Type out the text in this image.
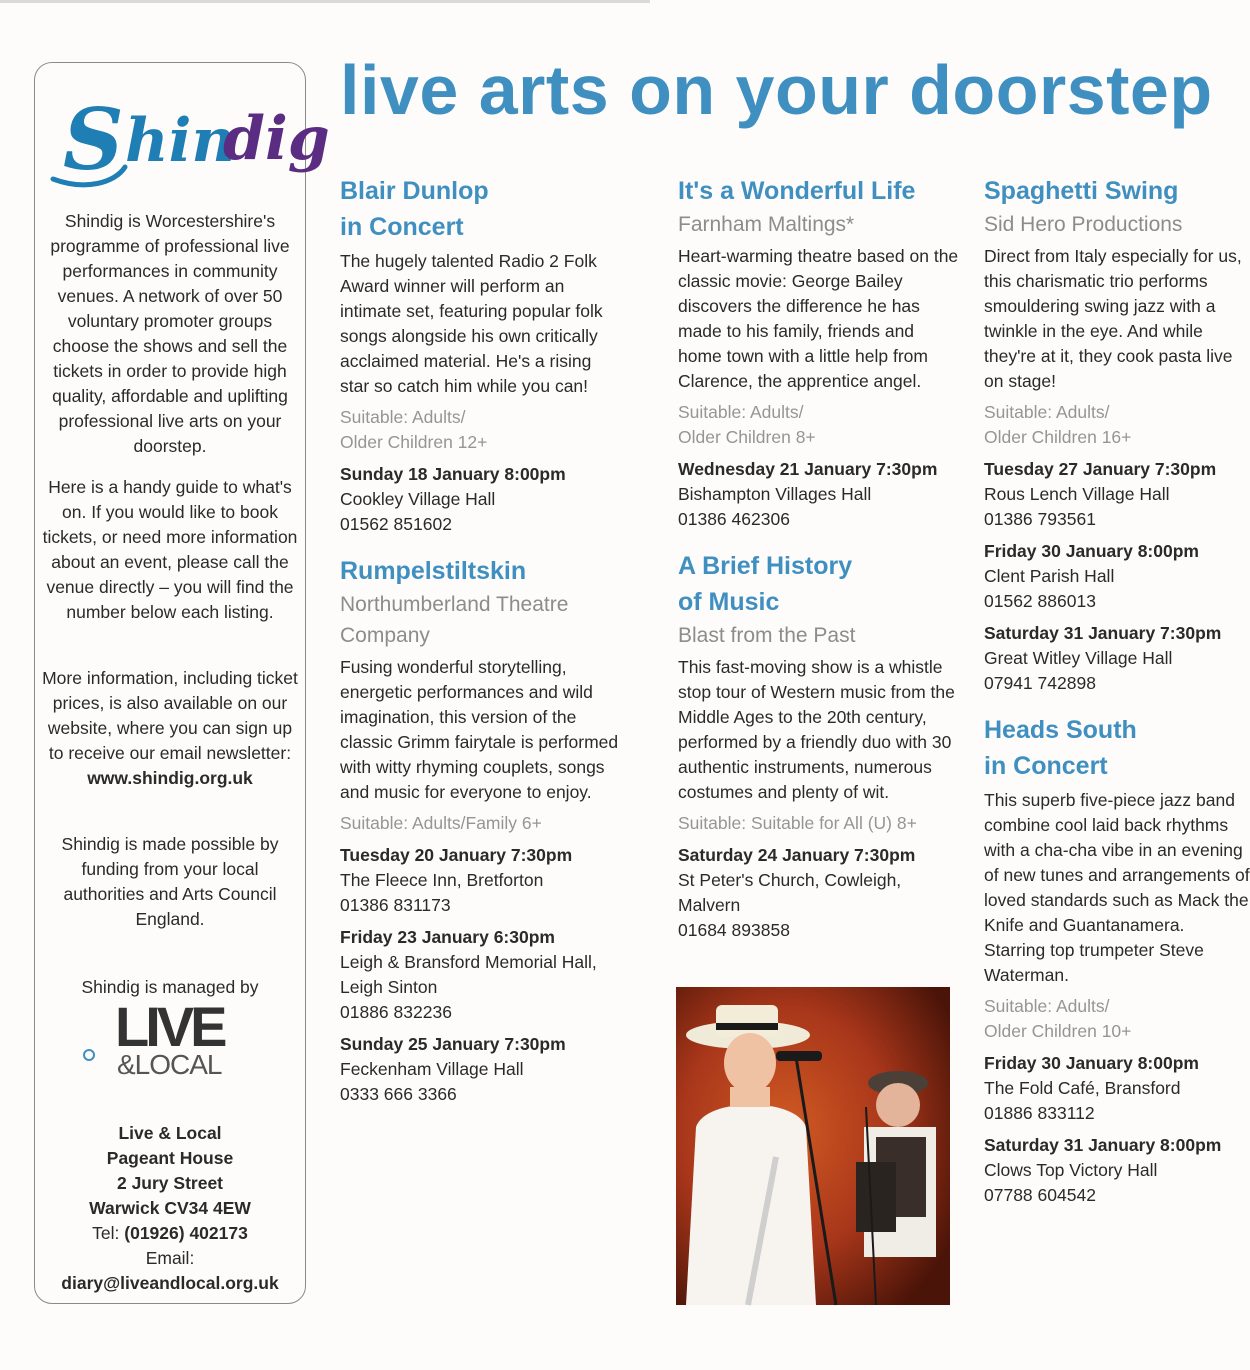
S hin
dig

Shindig is Worcestershire's programme of professional live performances in community venues. A network of over 50 voluntary promoter groups choose the shows and sell the tickets in order to provide high quality, affordable and uplifting professional live arts on your doorstep.

Here is a handy guide to what's on. If you would like to book tickets, or need more information about an event, please call the venue directly – you will find the number below each listing.

More information, including ticket prices, is also available on our website, where you can sign up to receive our email newsletter:
www.shindig.org.uk

Shindig is made possible by funding from your local authorities and Arts Council England.

Shindig is managed by

LIVE
&LOCAL
Live & Local
Pageant House
2 Jury Street
Warwick CV34 4EW
Tel: (01926) 402173
Email:
diary@liveandlocal.org.uk
live arts on your doorstep

Blair Dunlop

in Concert

The hugely talented Radio 2 Folk Award winner will perform an intimate set, featuring popular folk songs alongside his own critically acclaimed material. He's a rising star so catch him while you can!

Suitable: Adults/
Older Children 12+

Sunday 18 January 8:00pm
Cookley Village Hall
01562 851602

Rumpelstiltskin

Northumberland Theatre

Company

Fusing wonderful storytelling, energetic performances and wild imagination, this version of the classic Grimm fairytale is performed with witty rhyming couplets, songs and music for everyone to enjoy.

Suitable: Adults/Family 6+

Tuesday 20 January 7:30pm
The Fleece Inn, Bretforton
01386 831173
Friday 23 January 6:30pm
Leigh & Bransford Memorial Hall, Leigh Sinton
01886 832236
Sunday 25 January 7:30pm
Feckenham Village Hall
0333 666 3366

It's a Wonderful Life

Farnham Maltings*

Heart-warming theatre based on the classic movie: George Bailey discovers the difference he has made to his family, friends and home town with a little help from Clarence, the apprentice angel.

Suitable: Adults/
Older Children 8+

Wednesday 21 January 7:30pm
Bishampton Villages Hall
01386 462306

A Brief History

of Music

Blast from the Past

This fast-moving show is a whistle stop tour of Western music from the Middle Ages to the 20th century, performed by a friendly duo with 30 authentic instruments, numerous costumes and plenty of wit.

Suitable: Suitable for All (U) 8+

Saturday 24 January 7:30pm
St Peter's Church, Cowleigh, Malvern
01684 893858

Spaghetti Swing

Sid Hero Productions

Direct from Italy especially for us, this charismatic trio performs smouldering swing jazz with a twinkle in the eye. And while they're at it, they cook pasta live on stage!

Suitable: Adults/
Older Children 16+

Tuesday 27 January 7:30pm
Rous Lench Village Hall
01386 793561
Friday 30 January 8:00pm
Clent Parish Hall
01562 886013
Saturday 31 January 7:30pm
Great Witley Village Hall
07941 742898

Heads South

in Concert

This superb five-piece jazz band combine cool laid back rhythms with a cha-cha vibe in an evening of new tunes and arrangements of loved standards such as Mack the Knife and Guantanamera. Starring top trumpeter Steve Waterman.

Suitable: Adults/
Older Children 10+

Friday 30 January 8:00pm
The Fold Café, Bransford
01886 833112
Saturday 31 January 8:00pm
Clows Top Victory Hall
07788 604542
